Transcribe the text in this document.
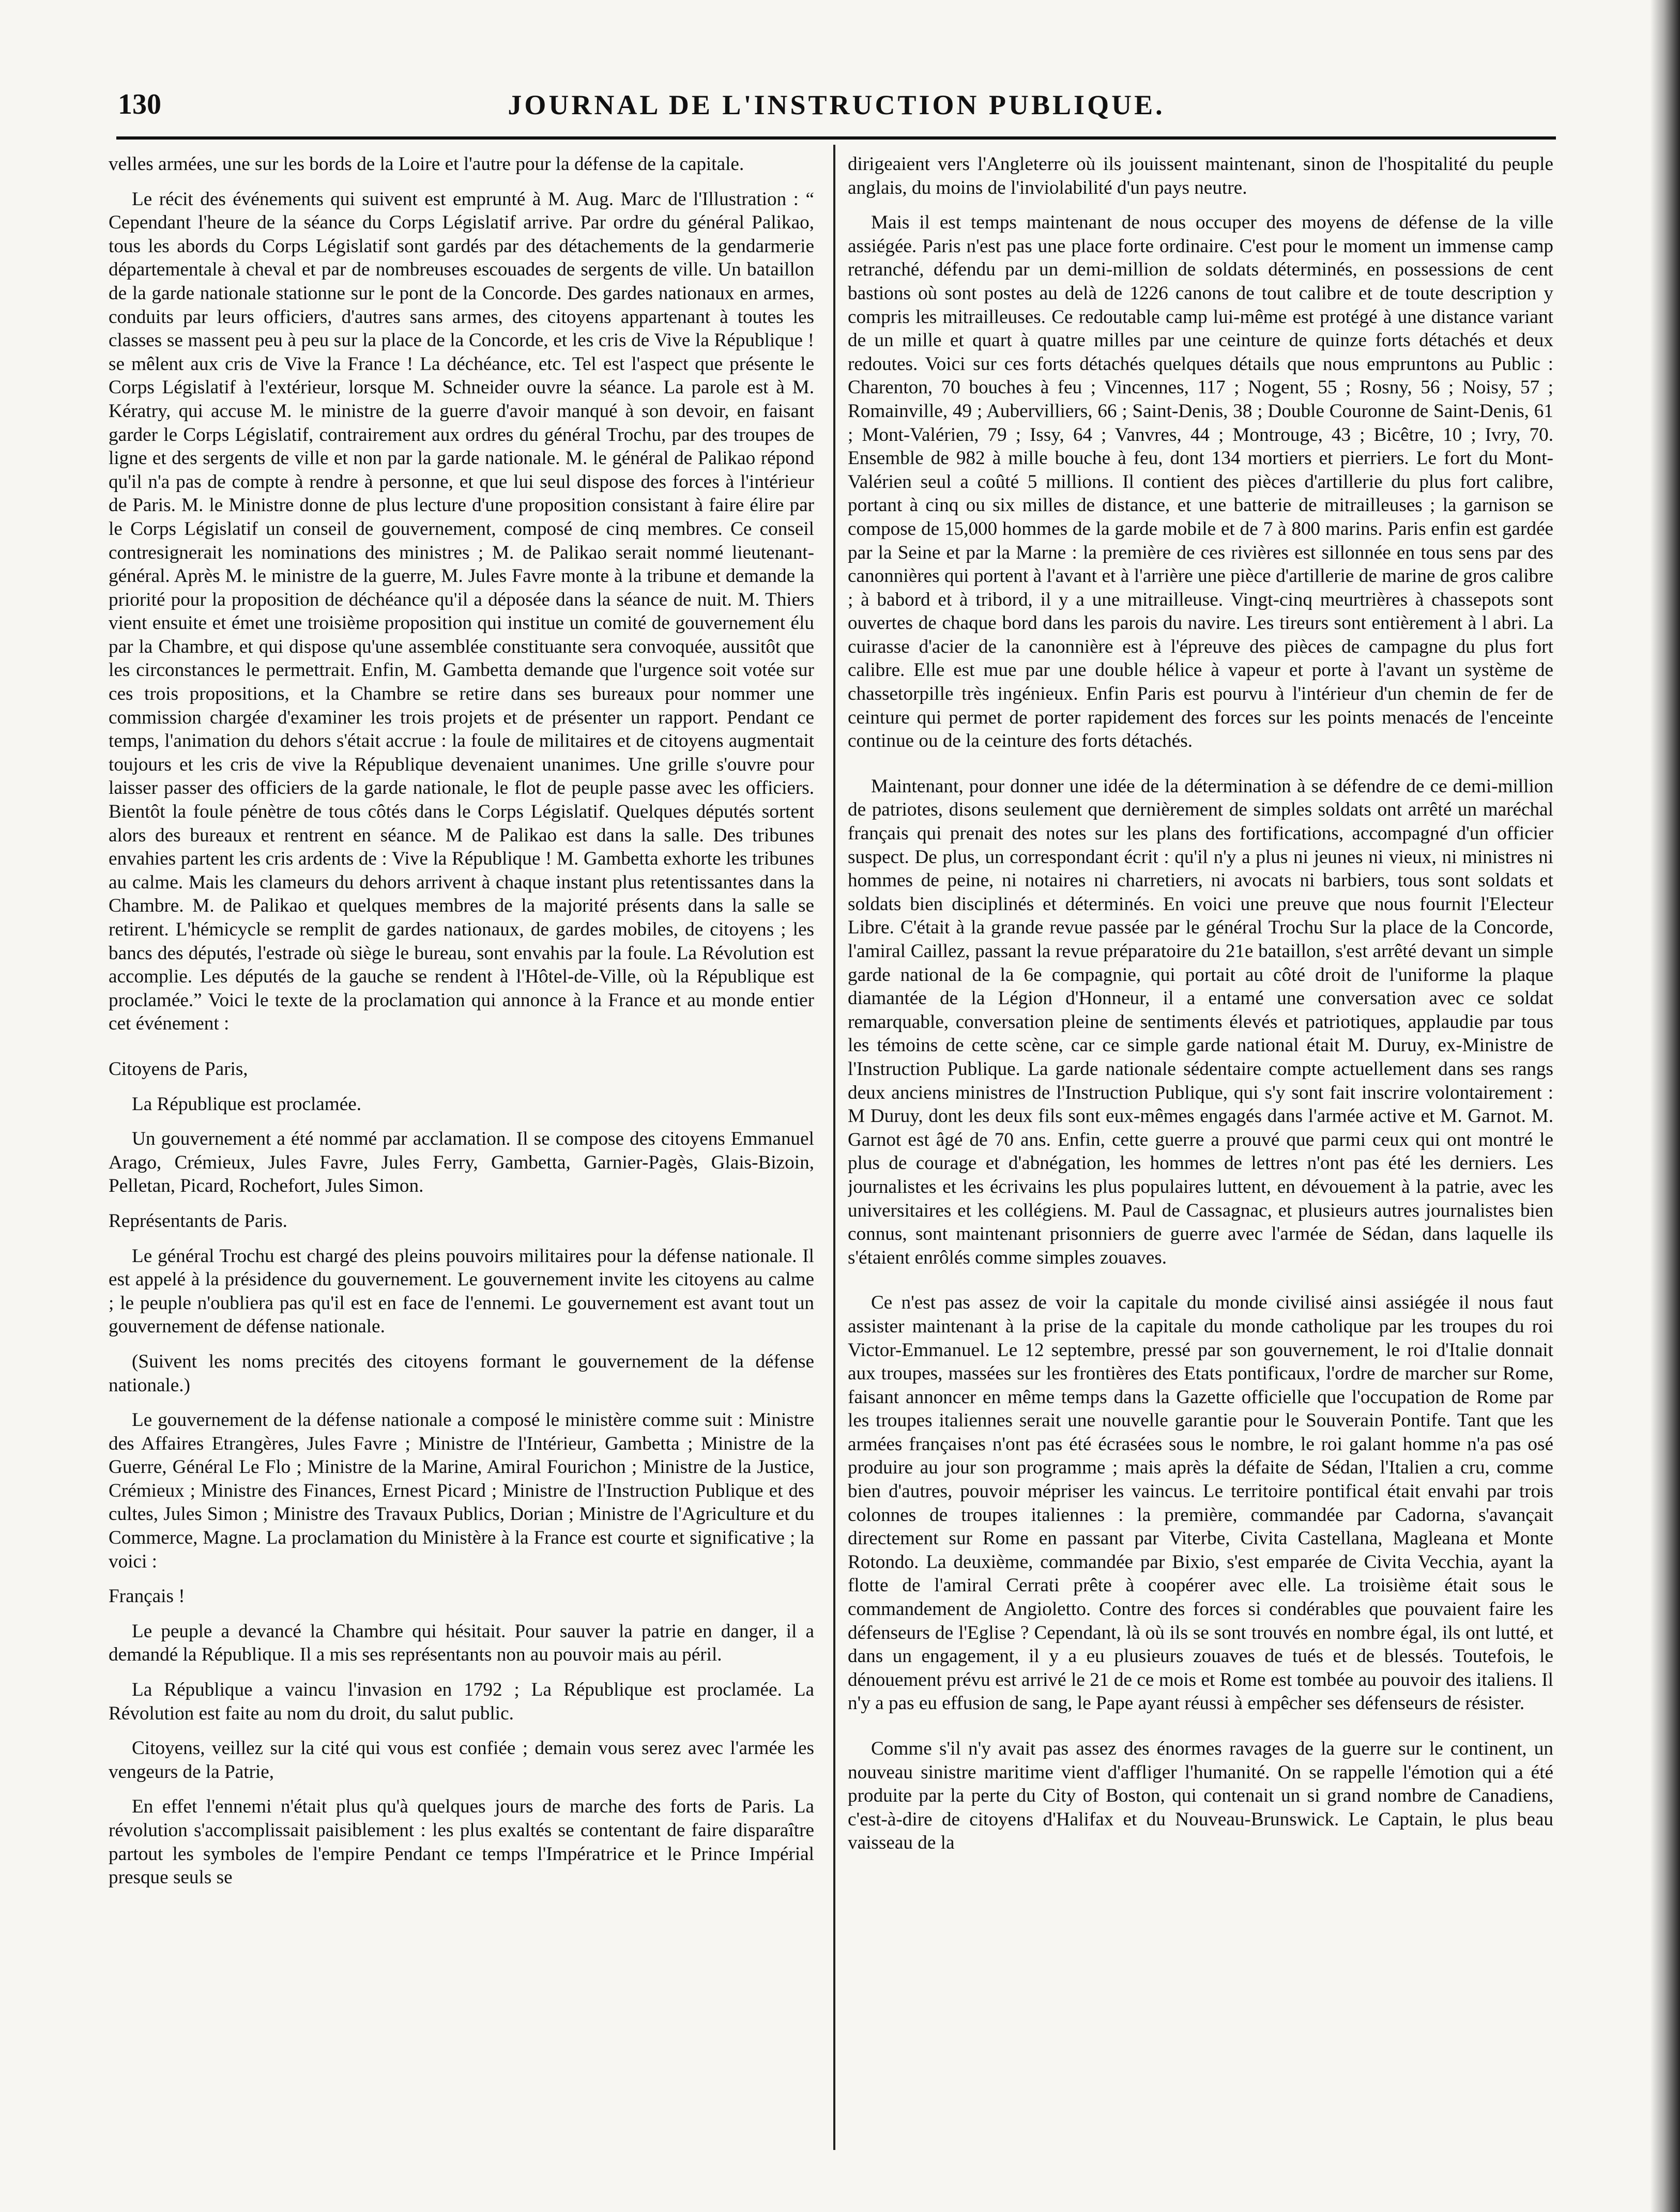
130	JOURNAL DE L'INSTRUCTION PUBLIQUE.

velles armées, une sur les bords de la Loire et l'autre pour la défense de la capitale.

Le récit des événements qui suivent est emprunté à M. Aug. Marc de l'Illustration : “ Cependant l'heure de la séance du Corps Législatif arrive. Par ordre du général Palikao, tous les abords du Corps Législatif sont gardés par des détachements de la gendarmerie départementale à cheval et par de nombreuses escouades de sergents de ville. Un bataillon de la garde nationale stationne sur le pont de la Concorde. Des gardes nationaux en armes, conduits par leurs officiers, d'autres sans armes, des citoyens appartenant à toutes les classes se massent peu à peu sur la place de la Concorde, et les cris de Vive la République ! se mêlent aux cris de Vive la France ! La déchéance, etc. Tel est l'aspect que présente le Corps Législatif à l'extérieur, lorsque M. Schneider ouvre la séance. La parole est à M. Kératry, qui accuse M. le ministre de la guerre d'avoir manqué à son devoir, en faisant garder le Corps Législatif, contrairement aux ordres du général Trochu, par des troupes de ligne et des sergents de ville et non par la garde nationale. M. le général de Palikao répond qu'il n'a pas de compte à rendre à personne, et que lui seul dispose des forces à l'intérieur de Paris. M. le Ministre donne de plus lecture d'une proposition consistant à faire élire par le Corps Législatif un conseil de gouvernement, composé de cinq membres. Ce conseil contresignerait les nominations des ministres ; M. de Palikao serait nommé lieutenant-général. Après M. le ministre de la guerre, M. Jules Favre monte à la tribune et demande la priorité pour la proposition de déchéance qu'il a déposée dans la séance de nuit. M. Thiers vient ensuite et émet une troisième proposition qui institue un comité de gouvernement élu par la Chambre, et qui dispose qu'une assemblée constituante sera convoquée, aussitôt que les circonstances le permettrait. Enfin, M. Gambetta demande que l'urgence soit votée sur ces trois propositions, et la Chambre se retire dans ses bureaux pour nommer une commission chargée d'examiner les trois projets et de présenter un rapport. Pendant ce temps, l'animation du dehors s'était accrue : la foule de militaires et de citoyens augmentait toujours et les cris de vive la République devenaient unanimes. Une grille s'ouvre pour laisser passer des officiers de la garde nationale, le flot de peuple passe avec les officiers. Bientôt la foule pénètre de tous côtés dans le Corps Législatif. Quelques députés sortent alors des bureaux et rentrent en séance. M de Palikao est dans la salle. Des tribunes envahies partent les cris ardents de : Vive la République ! M. Gambetta exhorte les tribunes au calme. Mais les clameurs du dehors arrivent à chaque instant plus retentissantes dans la Chambre. M. de Palikao et quelques membres de la majorité présents dans la salle se retirent. L'hémicycle se remplit de gardes nationaux, de gardes mobiles, de citoyens ; les bancs des députés, l'estrade où siège le bureau, sont envahis par la foule. La Révolution est accomplie. Les députés de la gauche se rendent à l'Hôtel-de-Ville, où la République est proclamée.” Voici le texte de la proclamation qui annonce à la France et au monde entier cet événement :

Citoyens de Paris,

La République est proclamée.

Un gouvernement a été nommé par acclamation. Il se compose des citoyens Emmanuel Arago, Crémieux, Jules Favre, Jules Ferry, Gambetta, Garnier-Pagès, Glais-Bizoin, Pelletan, Picard, Rochefort, Jules Simon.

Représentants de Paris.

Le général Trochu est chargé des pleins pouvoirs militaires pour la défense nationale. Il est appelé à la présidence du gouvernement. Le gouvernement invite les citoyens au calme ; le peuple n'oubliera pas qu'il est en face de l'ennemi. Le gouvernement est avant tout un gouvernement de défense nationale.

(Suivent les noms precités des citoyens formant le gouvernement de la défense nationale.)

Le gouvernement de la défense nationale a composé le ministère comme suit : Ministre des Affaires Etrangères, Jules Favre ; Ministre de l'Intérieur, Gambetta ; Ministre de la Guerre, Général Le Flo ; Ministre de la Marine, Amiral Fourichon ; Ministre de la Justice, Crémieux ; Ministre des Finances, Ernest Picard ; Ministre de l'Instruction Publique et des cultes, Jules Simon ; Ministre des Travaux Publics, Dorian ; Ministre de l'Agriculture et du Commerce, Magne. La proclamation du Ministère à la France est courte et significative ; la voici :

Français !

Le peuple a devancé la Chambre qui hésitait. Pour sauver la patrie en danger, il a demandé la République. Il a mis ses représentants non au pouvoir mais au péril.

La République a vaincu l'invasion en 1792 ; La République est proclamée. La Révolution est faite au nom du droit, du salut public.

Citoyens, veillez sur la cité qui vous est confiée ; demain vous serez avec l'armée les vengeurs de la Patrie,

En effet l'ennemi n'était plus qu'à quelques jours de marche des forts de Paris. La révolution s'accomplissait paisiblement : les plus exaltés se contentant de faire disparaître partout les symboles de l'empire Pendant ce temps l'Impératrice et le Prince Impérial presque seuls se

dirigeaient vers l'Angleterre où ils jouissent maintenant, sinon de l'hospitalité du peuple anglais, du moins de l'inviolabilité d'un pays neutre.

Mais il est temps maintenant de nous occuper des moyens de défense de la ville assiégée. Paris n'est pas une place forte ordinaire. C'est pour le moment un immense camp retranché, défendu par un demi-million de soldats déterminés, en possessions de cent bastions où sont postes au delà de 1226 canons de tout calibre et de toute description y compris les mitrailleuses. Ce redoutable camp lui-même est protégé à une distance variant de un mille et quart à quatre milles par une ceinture de quinze forts détachés et deux redoutes. Voici sur ces forts détachés quelques détails que nous empruntons au Public : Charenton, 70 bouches à feu ; Vincennes, 117 ; Nogent, 55 ; Rosny, 56 ; Noisy, 57 ; Romainville, 49 ; Aubervilliers, 66 ; Saint-Denis, 38 ; Double Couronne de Saint-Denis, 61 ; Mont-Valérien, 79 ; Issy, 64 ; Vanvres, 44 ; Montrouge, 43 ; Bicêtre, 10 ; Ivry, 70. Ensemble de 982 à mille bouche à feu, dont 134 mortiers et pierriers. Le fort du Mont-Valérien seul a coûté 5 millions. Il contient des pièces d'artillerie du plus fort calibre, portant à cinq ou six milles de distance, et une batterie de mitrailleuses ; la garnison se compose de 15,000 hommes de la garde mobile et de 7 à 800 marins. Paris enfin est gardée par la Seine et par la Marne : la première de ces rivières est sillonnée en tous sens par des canonnières qui portent à l'avant et à l'arrière une pièce d'artillerie de marine de gros calibre ; à babord et à tribord, il y a une mitrailleuse. Vingt-cinq meurtrières à chassepots sont ouvertes de chaque bord dans les parois du navire. Les tireurs sont entièrement à l abri. La cuirasse d'acier de la canonnière est à l'épreuve des pièces de campagne du plus fort calibre. Elle est mue par une double hélice à vapeur et porte à l'avant un système de chassetorpille très ingénieux. Enfin Paris est pourvu à l'intérieur d'un chemin de fer de ceinture qui permet de porter rapidement des forces sur les points menacés de l'enceinte continue ou de la ceinture des forts détachés.

Maintenant, pour donner une idée de la détermination à se défendre de ce demi-million de patriotes, disons seulement que dernièrement de simples soldats ont arrêté un maréchal français qui prenait des notes sur les plans des fortifications, accompagné d'un officier suspect. De plus, un correspondant écrit : qu'il n'y a plus ni jeunes ni vieux, ni ministres ni hommes de peine, ni notaires ni charretiers, ni avocats ni barbiers, tous sont soldats et soldats bien disciplinés et déterminés. En voici une preuve que nous fournit l'Electeur Libre. C'était à la grande revue passée par le général Trochu Sur la place de la Concorde, l'amiral Caillez, passant la revue préparatoire du 21e bataillon, s'est arrêté devant un simple garde national de la 6e compagnie, qui portait au côté droit de l'uniforme la plaque diamantée de la Légion d'Honneur, il a entamé une conversation avec ce soldat remarquable, conversation pleine de sentiments élevés et patriotiques, applaudie par tous les témoins de cette scène, car ce simple garde national était M. Duruy, ex-Ministre de l'Instruction Publique. La garde nationale sédentaire compte actuellement dans ses rangs deux anciens ministres de l'Instruction Publique, qui s'y sont fait inscrire volontairement : M Duruy, dont les deux fils sont eux-mêmes engagés dans l'armée active et M. Garnot. M. Garnot est âgé de 70 ans. Enfin, cette guerre a prouvé que parmi ceux qui ont montré le plus de courage et d'abnégation, les hommes de lettres n'ont pas été les derniers. Les journalistes et les écrivains les plus populaires luttent, en dévouement à la patrie, avec les universitaires et les collégiens. M. Paul de Cassagnac, et plusieurs autres journalistes bien connus, sont maintenant prisonniers de guerre avec l'armée de Sédan, dans laquelle ils s'étaient enrôlés comme simples zouaves.

Ce n'est pas assez de voir la capitale du monde civilisé ainsi assiégée il nous faut assister maintenant à la prise de la capitale du monde catholique par les troupes du roi Victor-Emmanuel. Le 12 septembre, pressé par son gouvernement, le roi d'Italie donnait aux troupes, massées sur les frontières des Etats pontificaux, l'ordre de marcher sur Rome, faisant annoncer en même temps dans la Gazette officielle que l'occupation de Rome par les troupes italiennes serait une nouvelle garantie pour le Souverain Pontife. Tant que les armées françaises n'ont pas été écrasées sous le nombre, le roi galant homme n'a pas osé produire au jour son programme ; mais après la défaite de Sédan, l'Italien a cru, comme bien d'autres, pouvoir mépriser les vaincus. Le territoire pontifical était envahi par trois colonnes de troupes italiennes : la première, commandée par Cadorna, s'avançait directement sur Rome en passant par Viterbe, Civita Castellana, Magleana et Monte Rotondo. La deuxième, commandée par Bixio, s'est emparée de Civita Vecchia, ayant la flotte de l'amiral Cerrati prête à coopérer avec elle. La troisième était sous le commandement de Angioletto. Contre des forces si condérables que pouvaient faire les défenseurs de l'Eglise ? Cependant, là où ils se sont trouvés en nombre égal, ils ont lutté, et dans un engagement, il y a eu plusieurs zouaves de tués et de blessés. Toutefois, le dénouement prévu est arrivé le 21 de ce mois et Rome est tombée au pouvoir des italiens. Il n'y a pas eu effusion de sang, le Pape ayant réussi à empêcher ses défenseurs de résister.

Comme s'il n'y avait pas assez des énormes ravages de la guerre sur le continent, un nouveau sinistre maritime vient d'affliger l'humanité. On se rappelle l'émotion qui a été produite par la perte du City of Boston, qui contenait un si grand nombre de Canadiens, c'est-à-dire de citoyens d'Halifax et du Nouveau-Brunswick. Le Captain, le plus beau vaisseau de la
